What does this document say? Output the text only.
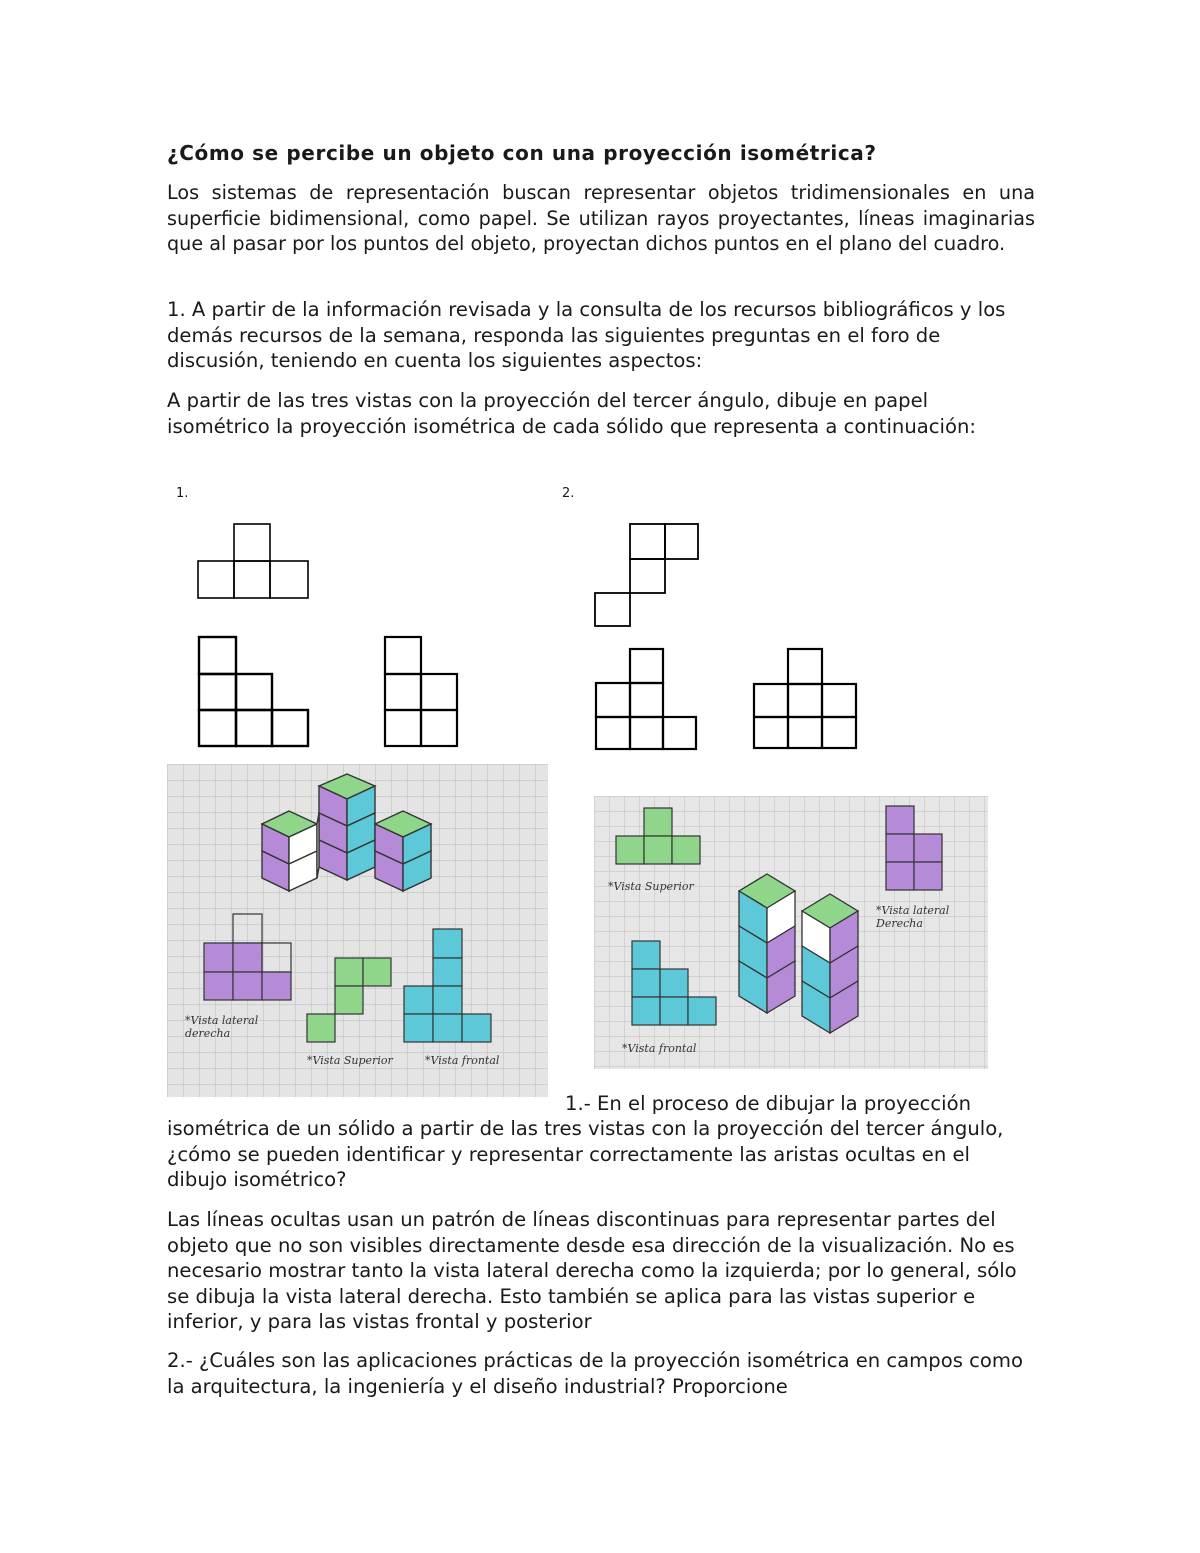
¿Cómo se percibe un objeto con una proyección isométrica?

Los sistemas de representación buscan representar objetos tridimensionales en una superficie bidimensional, como papel. Se utilizan rayos proyectantes, líneas imaginarias que al pasar por los puntos del objeto, proyectan dichos puntos en el plano del cuadro.

1. A partir de la información revisada y la consulta de los recursos bibliográficos y los demás recursos de la semana, responda las siguientes preguntas en el foro de discusión, teniendo en cuenta los siguientes aspectos:

A partir de las tres vistas con la proyección del tercer ángulo, dibuje en papel isométrico la proyección isométrica de cada sólido que representa a continuación:

1.	2.
*Vista lateral derecha
*Vista Superior	*Vista frontal
*Vista Superior
*Vista lateral Derecha
*Vista frontal

1.- En el proceso de dibujar la proyección

isométrica de un sólido a partir de las tres vistas con la proyección del tercer ángulo, ¿cómo se pueden identificar y representar correctamente las aristas ocultas en el dibujo isométrico?

Las líneas ocultas usan un patrón de líneas discontinuas para representar partes del objeto que no son visibles directamente desde esa dirección de la visualización. No es necesario mostrar tanto la vista lateral derecha como la izquierda; por lo general, sólo se dibuja la vista lateral derecha. Esto también se aplica para las vistas superior e inferior, y para las vistas frontal y posterior

2.- ¿Cuáles son las aplicaciones prácticas de la proyección isométrica en campos como la arquitectura, la ingeniería y el diseño industrial? Proporcione
